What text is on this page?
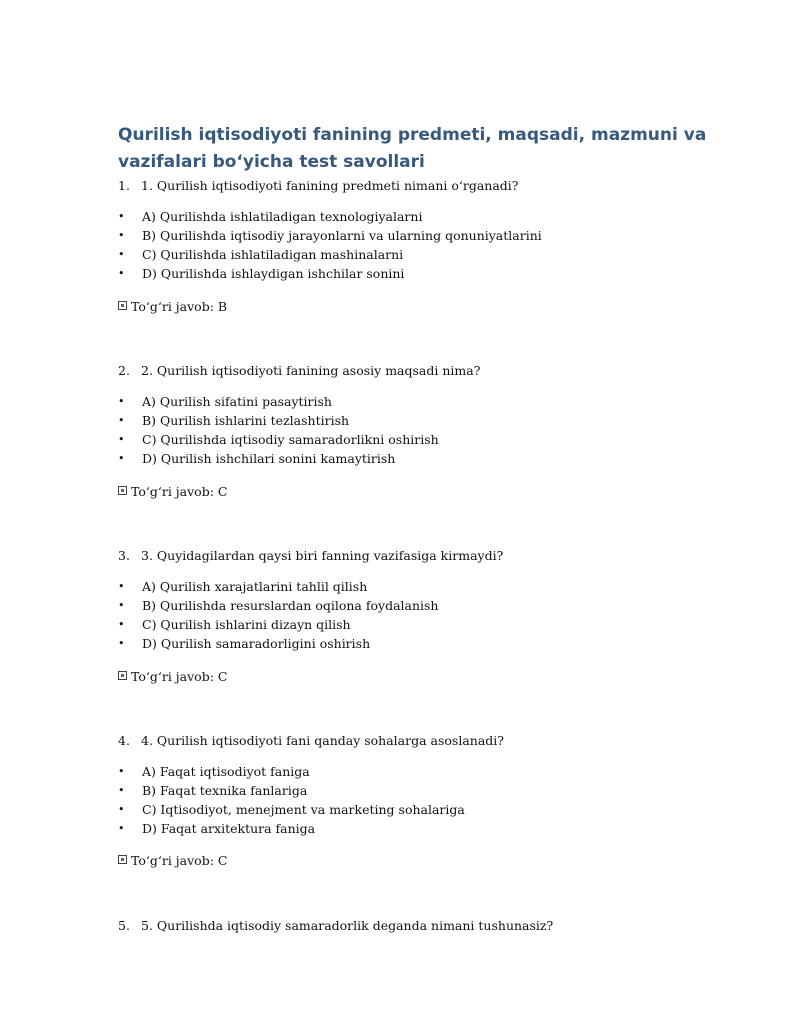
Qurilish iqtisodiyoti fanining predmeti, maqsadi, mazmuni va vazifalari bo‘yicha test savollari

1. 1. Qurilish iqtisodiyoti fanining predmeti nimani o‘rganadi?

• A) Qurilishda ishlatiladigan texnologiyalarni
• B) Qurilishda iqtisodiy jarayonlarni va ularning qonuniyatlarini
• C) Qurilishda ishlatiladigan mashinalarni
• D) Qurilishda ishlaydigan ishchilar sonini

To‘g‘ri javob: B

2. 2. Qurilish iqtisodiyoti fanining asosiy maqsadi nima?

• A) Qurilish sifatini pasaytirish
• B) Qurilish ishlarini tezlashtirish
• C) Qurilishda iqtisodiy samaradorlikni oshirish
• D) Qurilish ishchilari sonini kamaytirish

To‘g‘ri javob: C

3. 3. Quyidagilardan qaysi biri fanning vazifasiga kirmaydi?

• A) Qurilish xarajatlarini tahlil qilish
• B) Qurilishda resurslardan oqilona foydalanish
• C) Qurilish ishlarini dizayn qilish
• D) Qurilish samaradorligini oshirish

To‘g‘ri javob: C

4. 4. Qurilish iqtisodiyoti fani qanday sohalarga asoslanadi?

• A) Faqat iqtisodiyot faniga
• B) Faqat texnika fanlariga
• C) Iqtisodiyot, menejment va marketing sohalariga
• D) Faqat arxitektura faniga

To‘g‘ri javob: C

5. 5. Qurilishda iqtisodiy samaradorlik deganda nimani tushunasiz?
